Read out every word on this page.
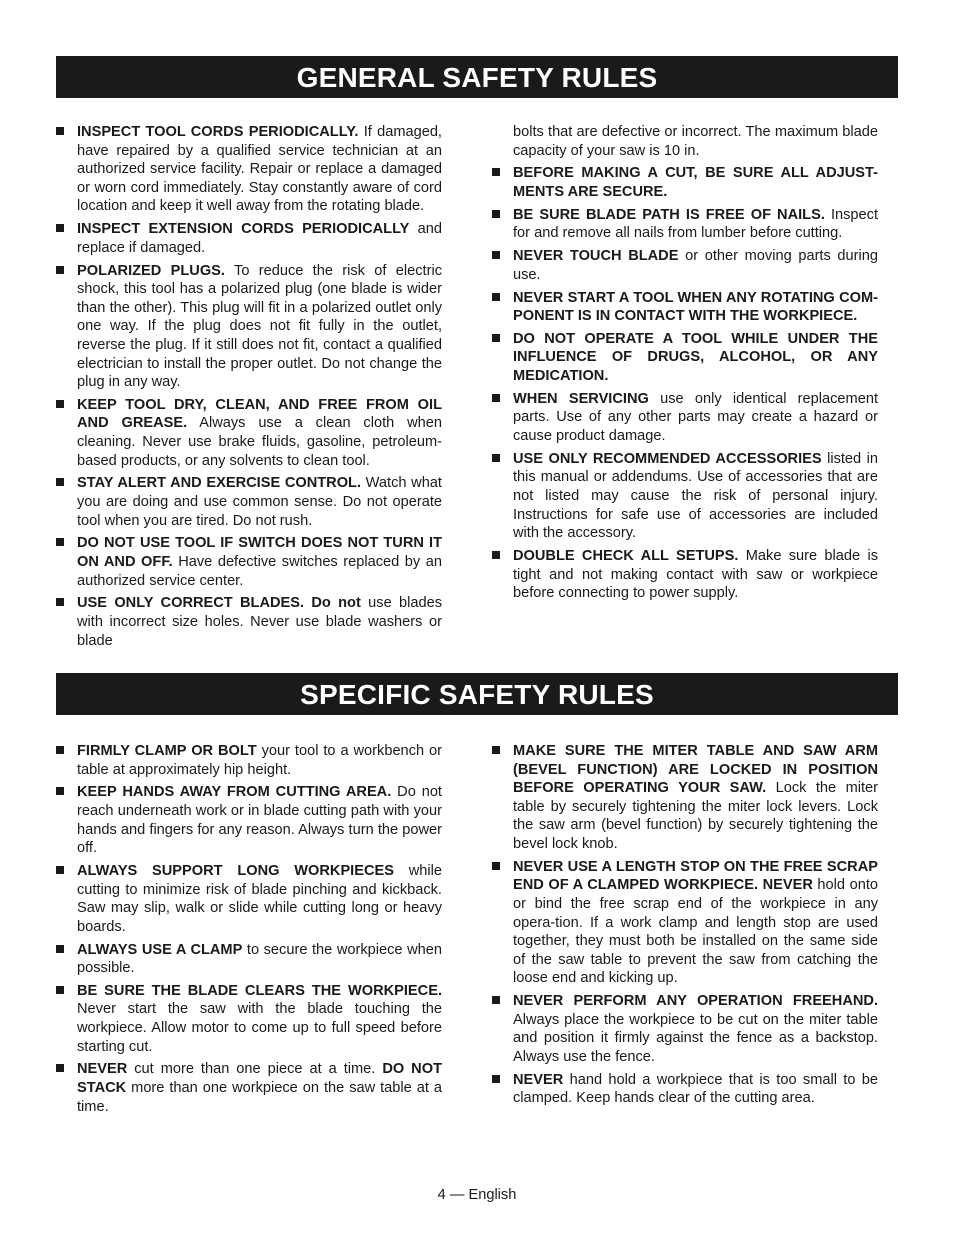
GENERAL SAFETY RULES
INSPECT TOOL CORDS PERIODICALLY. If damaged, have repaired by a qualified service technician at an authorized service facility. Repair or replace a damaged or worn cord immediately. Stay constantly aware of cord location and keep it well away from the rotating blade.
INSPECT EXTENSION CORDS PERIODICALLY and replace if damaged.
POLARIZED PLUGS. To reduce the risk of electric shock, this tool has a polarized plug (one blade is wider than the other). This plug will fit in a polarized outlet only one way. If the plug does not fit fully in the outlet, reverse the plug. If it still does not fit, contact a qualified electrician to install the proper outlet. Do not change the plug in any way.
KEEP TOOL DRY, CLEAN, AND FREE FROM OIL AND GREASE. Always use a clean cloth when cleaning. Never use brake fluids, gasoline, petroleum-based products, or any solvents to clean tool.
STAY ALERT AND EXERCISE CONTROL. Watch what you are doing and use common sense. Do not operate tool when you are tired. Do not rush.
DO NOT USE TOOL IF SWITCH DOES NOT TURN IT ON AND OFF. Have defective switches replaced by an authorized service center.
USE ONLY CORRECT BLADES. Do not use blades with incorrect size holes. Never use blade washers or blade
bolts that are defective or incorrect. The maximum blade capacity of your saw is 10 in.
BEFORE MAKING A CUT, BE SURE ALL ADJUST-MENTS ARE SECURE.
BE SURE BLADE PATH IS FREE OF NAILS. Inspect for and remove all nails from lumber before cutting.
NEVER TOUCH BLADE or other moving parts during use.
NEVER START A TOOL WHEN ANY ROTATING COM-PONENT IS IN CONTACT WITH THE WORKPIECE.
DO NOT OPERATE A TOOL WHILE UNDER THE INFLUENCE OF DRUGS, ALCOHOL, OR ANY MEDICATION.
WHEN SERVICING use only identical replacement parts. Use of any other parts may create a hazard or cause product damage.
USE ONLY RECOMMENDED ACCESSORIES listed in this manual or addendums. Use of accessories that are not listed may cause the risk of personal injury. Instructions for safe use of accessories are included with the accessory.
DOUBLE CHECK ALL SETUPS. Make sure blade is tight and not making contact with saw or workpiece before connecting to power supply.
SPECIFIC SAFETY RULES
FIRMLY CLAMP OR BOLT your tool to a workbench or table at approximately hip height.
KEEP HANDS AWAY FROM CUTTING AREA. Do not reach underneath work or in blade cutting path with your hands and fingers for any reason. Always turn the power off.
ALWAYS SUPPORT LONG WORKPIECES while cutting to minimize risk of blade pinching and kickback. Saw may slip, walk or slide while cutting long or heavy boards.
ALWAYS USE A CLAMP to secure the workpiece when possible.
BE SURE THE BLADE CLEARS THE WORKPIECE. Never start the saw with the blade touching the workpiece. Allow motor to come up to full speed before starting cut.
NEVER cut more than one piece at a time. DO NOT STACK more than one workpiece on the saw table at a time.
MAKE SURE THE MITER TABLE AND SAW ARM (BEVEL FUNCTION) ARE LOCKED IN POSITION BEFORE OPERATING YOUR SAW. Lock the miter table by securely tightening the miter lock levers. Lock the saw arm (bevel function) by securely tightening the bevel lock knob.
NEVER USE A LENGTH STOP ON THE FREE SCRAP END OF A CLAMPED WORKPIECE. NEVER hold onto or bind the free scrap end of the workpiece in any opera-tion. If a work clamp and length stop are used together, they must both be installed on the same side of the saw table to prevent the saw from catching the loose end and kicking up.
NEVER PERFORM ANY OPERATION FREEHAND. Always place the workpiece to be cut on the miter table and position it firmly against the fence as a backstop. Always use the fence.
NEVER hand hold a workpiece that is too small to be clamped. Keep hands clear of the cutting area.
4 — English
